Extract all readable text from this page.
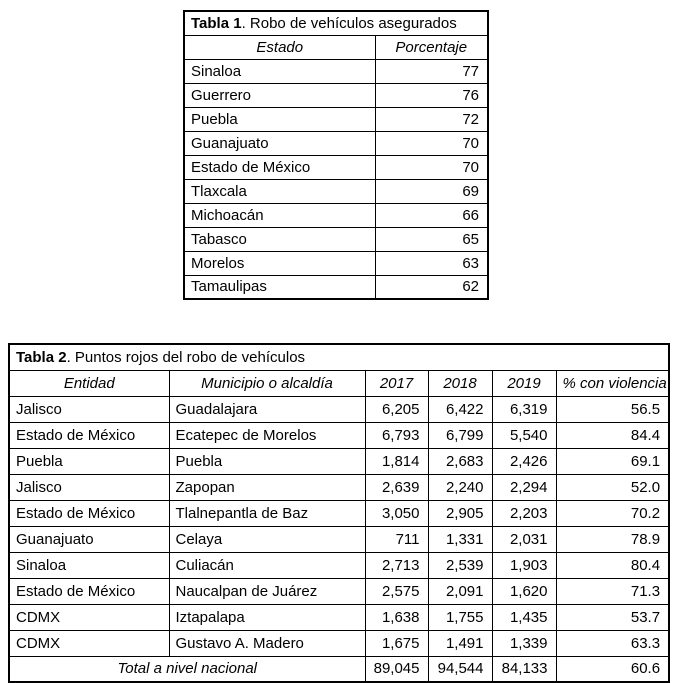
Tabla 1. Robo de vehículos asegurados	
Estado	Porcentaje
Sinaloa	77
Guerrero	76
Puebla	72
Guanajuato	70
Estado de México	70
Tlaxcala	69
Michoacán	66
Tabasco	65
Morelos	63
Tamaulipas	62
Tabla 2. Puntos rojos del robo de vehículos					
Entidad	Municipio o alcaldía	2017	2018	2019	% con violencia
Jalisco	Guadalajara	6,205	6,422	6,319	56.5
Estado de México	Ecatepec de Morelos	6,793	6,799	5,540	84.4
Puebla	Puebla	1,814	2,683	2,426	69.1
Jalisco	Zapopan	2,639	2,240	2,294	52.0
Estado de México	Tlalnepantla de Baz	3,050	2,905	2,203	70.2
Guanajuato	Celaya	711	1,331	2,031	78.9
Sinaloa	Culiacán	2,713	2,539	1,903	80.4
Estado de México	Naucalpan de Juárez	2,575	2,091	1,620	71.3
CDMX	Iztapalapa	1,638	1,755	1,435	53.7
CDMX	Gustavo A. Madero	1,675	1,491	1,339	63.3
Total a nivel nacional		89,045	94,544	84,133	60.6
